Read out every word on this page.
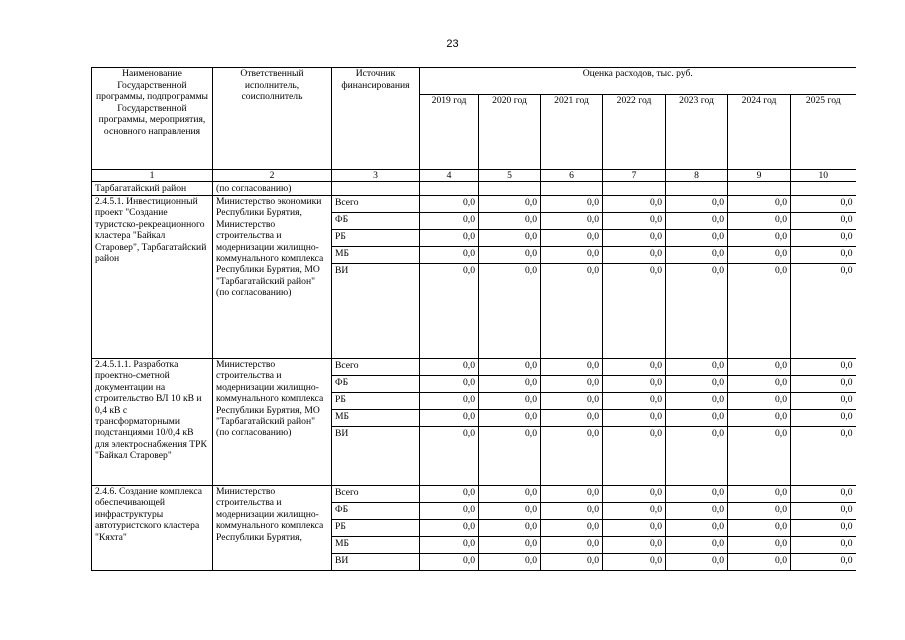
23
Наименование Государственной программы, подпрограммы Государственной программы, мероприятия, основного направления	Ответственный исполнитель, соисполнитель	Источник финансирования	Оценка расходов, тыс. руб.						
			2019 год	2020 год	2021 год	2022 год	2023 год	2024 год	2025 год
1	2	3	4	5	6	7	8	9	10
Тарбагатайский район	(по согласованию)								
2.4.5.1. Инвестиционный проект "Создание туристско-рекреационного кластера "Байкал Старовер", Тарбагатайский район	Министерство экономики Республики Бурятия, Министерство строительства и модернизации жилищно-коммунального комплекса Республики Бурятия, МО "Тарбагатайский район" (по согласованию)	Всего	0,0	0,0	0,0	0,0	0,0	0,0	0,0
		ФБ	0,0	0,0	0,0	0,0	0,0	0,0	0,0
		РБ	0,0	0,0	0,0	0,0	0,0	0,0	0,0
		МБ	0,0	0,0	0,0	0,0	0,0	0,0	0,0
		ВИ	0,0	0,0	0,0	0,0	0,0	0,0	0,0
2.4.5.1.1. Разработка проектно-сметной документации на строительство ВЛ 10 кВ и 0,4 кВ с трансформаторными подстанциями 10/0,4 кВ для электроснабжения ТРК "Байкал Старовер"	Министерство строительства и модернизации жилищно-коммунального комплекса Республики Бурятия, МО "Тарбагатайский район" (по согласованию)	Всего	0,0	0,0	0,0	0,0	0,0	0,0	0,0
		ФБ	0,0	0,0	0,0	0,0	0,0	0,0	0,0
		РБ	0,0	0,0	0,0	0,0	0,0	0,0	0,0
		МБ	0,0	0,0	0,0	0,0	0,0	0,0	0,0
		ВИ	0,0	0,0	0,0	0,0	0,0	0,0	0,0
2.4.6. Создание комплекса обеспечивающей инфраструктуры автотуристского кластера "Кяхта"	Министерство строительства и модернизации жилищно-коммунального комплекса Республики Бурятия,	Всего	0,0	0,0	0,0	0,0	0,0	0,0	0,0
		ФБ	0,0	0,0	0,0	0,0	0,0	0,0	0,0
		РБ	0,0	0,0	0,0	0,0	0,0	0,0	0,0
		МБ	0,0	0,0	0,0	0,0	0,0	0,0	0,0
		ВИ	0,0	0,0	0,0	0,0	0,0	0,0	0,0
